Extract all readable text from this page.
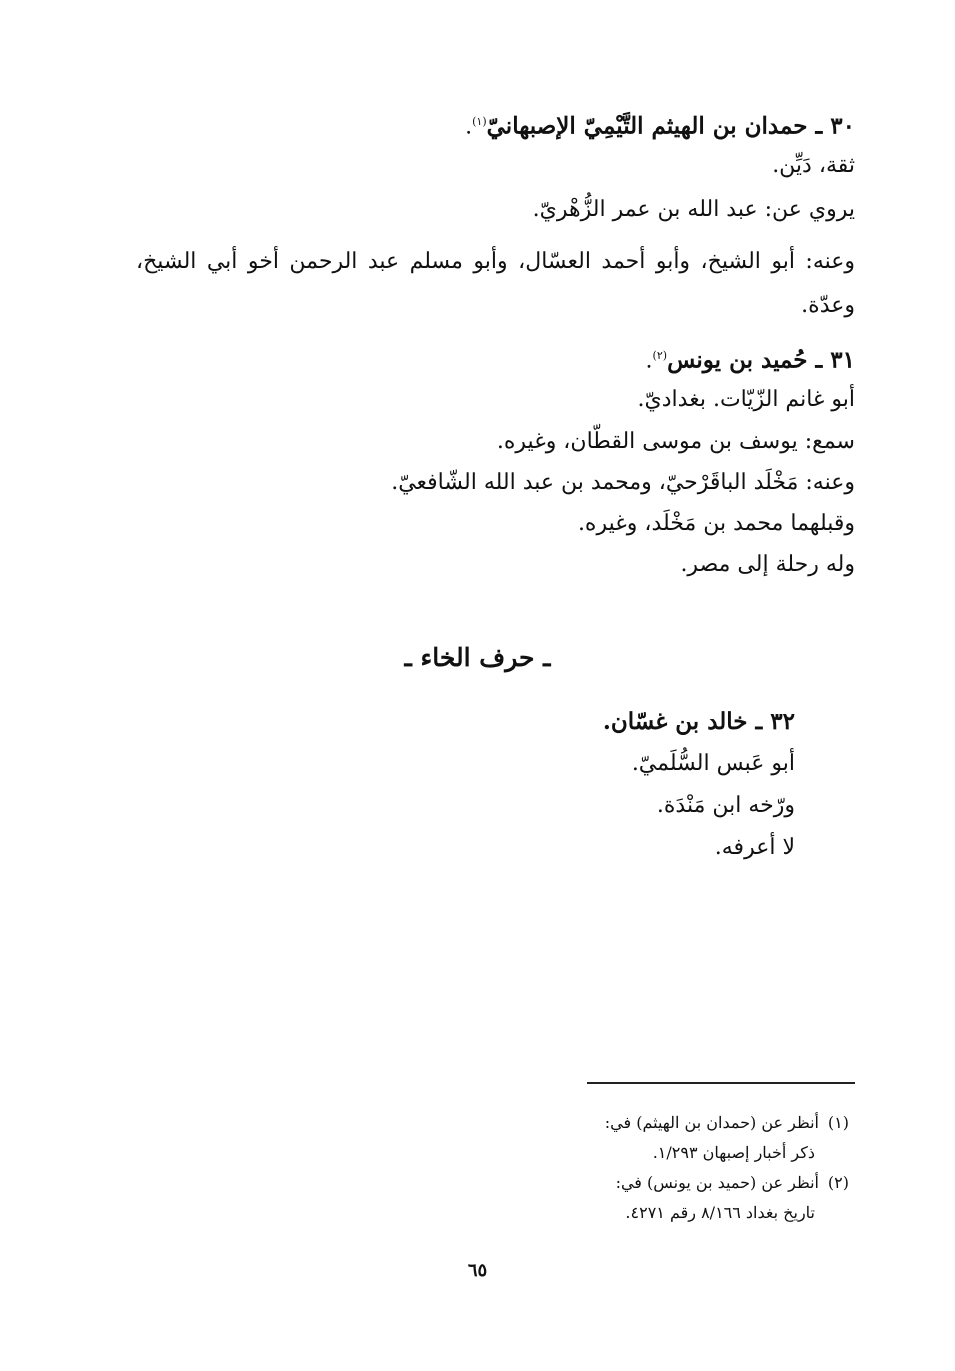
٣٠ ـ حمدان بن الهيثم التَّيْمِيّ الإصبهانيّ$^{(١)}$.
ثقة، دَيِّن.
يروي عن: عبد الله بن عمر الزُّهْريّ.
وعنه: أبو الشيخ، وأبو أحمد العسّال، وأبو مسلم عبد الرحمن أخو أبي الشيخ، وعدّة.
٣١ ـ حُميد بن يونس$^{(٢)}$.
أبو غانم الزّيّات. بغداديّ.
سمع: يوسف بن موسى القطّان، وغيره.
وعنه: مَخْلَد الباقَرْحيّ، ومحمد بن عبد الله الشّافعيّ.
وقبلهما محمد بن مَخْلَد، وغيره.
وله رحلة إلى مصر.
ـ حرف الخاء ـ
٣٢ ـ خالد بن غسّان.
أبو عَبس السُّلَميّ.
ورّخه ابن مَنْدَة.
لا أعرفه.
(١)أنظر عن (حمدان بن الهيثم) في:
ذكر أخبار إصبهان ١/٢٩٣.
(٢)أنظر عن (حميد بن يونس) في:
تاريخ بغداد ٨/١٦٦ رقم ٤٢٧١.
٦٥
